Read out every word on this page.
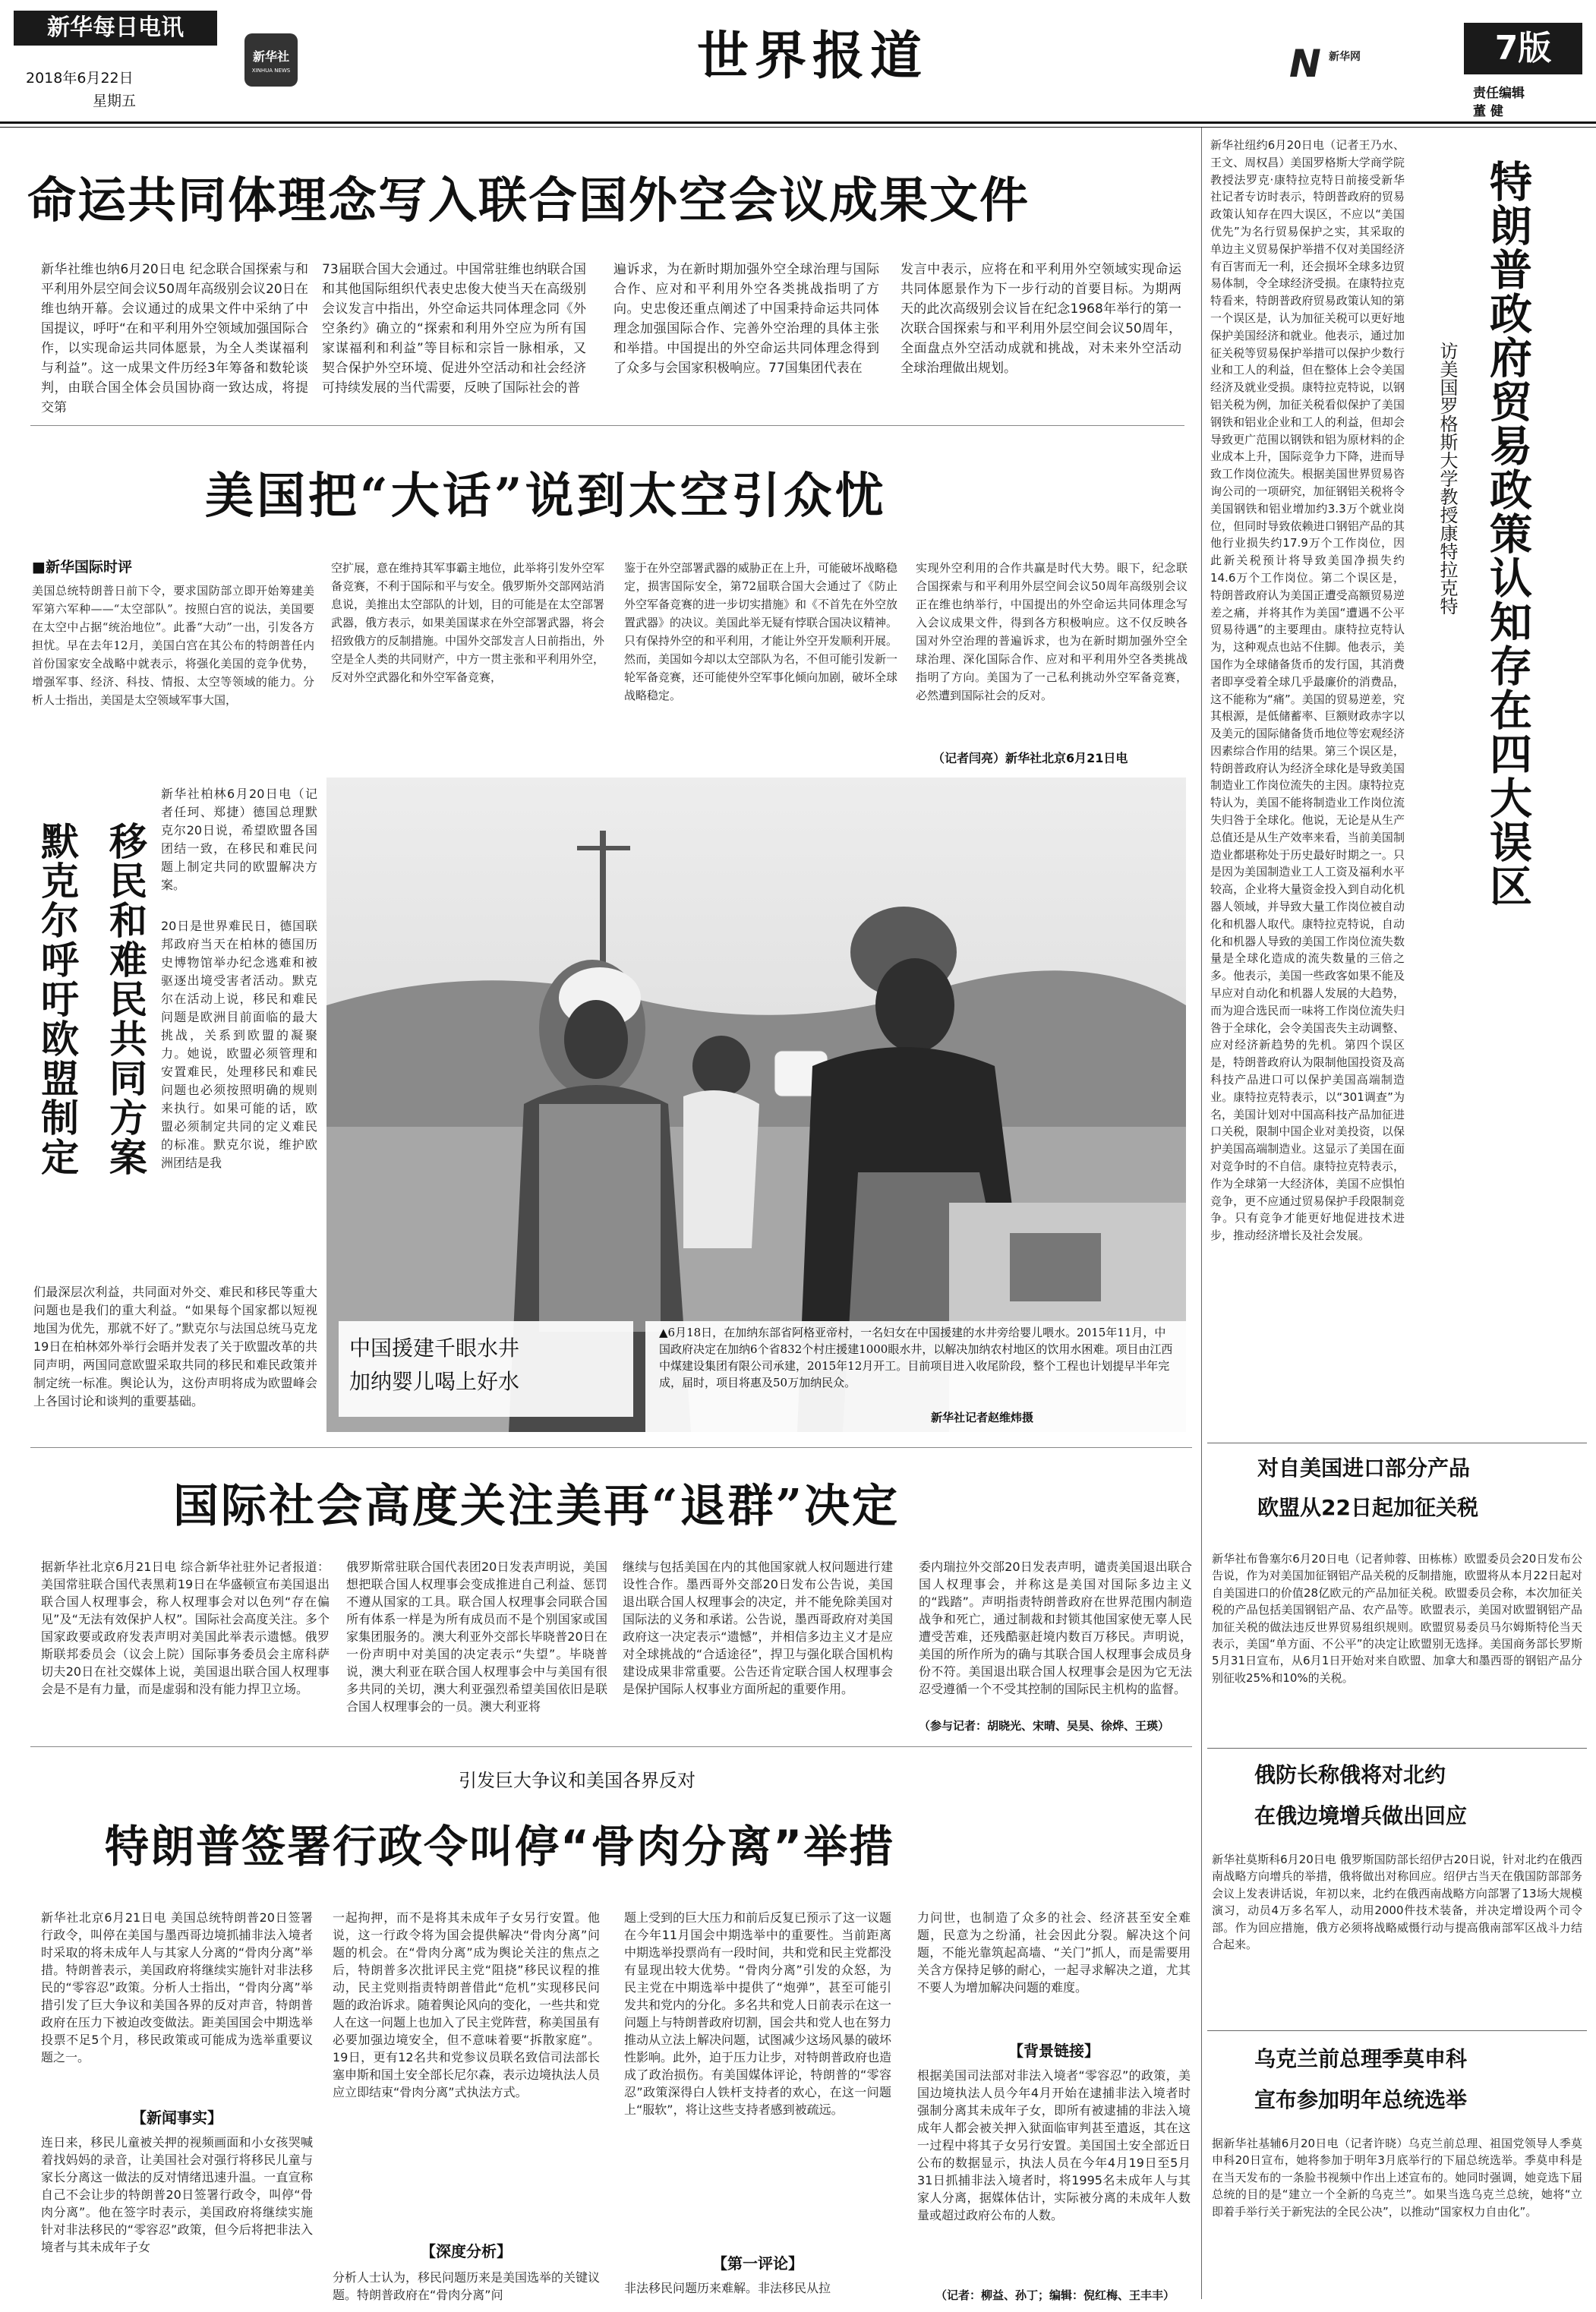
新华每日电讯
2018年6月22日
星期五
新华社
XINHUA NEWS	世界报道	N 新华网	7版
责任编辑
董 健
命运共同体理念写入联合国外空会议成果文件
新华社维也纳6月20日电 纪念联合国探索与和平利用外层空间会议50周年高级别会议20日在维也纳开幕。会议通过的成果文件中采纳了中国提议，呼吁“在和平利用外空领域加强国际合作，以实现命运共同体愿景，为全人类谋福利与利益”。这一成果文件历经3年筹备和数轮谈判，由联合国全体会员国协商一致达成，将提交第
73届联合国大会通过。中国常驻维也纳联合国和其他国际组织代表史忠俊大使当天在高级别会议发言中指出，外空命运共同体理念同《外空条约》确立的“探索和利用外空应为所有国家谋福利和利益”等目标和宗旨一脉相承，又契合保护外空环境、促进外空活动和社会经济可持续发展的当代需要，反映了国际社会的普
遍诉求，为在新时期加强外空全球治理与国际合作、应对和平利用外空各类挑战指明了方向。史忠俊还重点阐述了中国秉持命运共同体理念加强国际合作、完善外空治理的具体主张和举措。中国提出的外空命运共同体理念得到了众多与会国家积极响应。77国集团代表在
发言中表示，应将在和平利用外空领域实现命运共同体愿景作为下一步行动的首要目标。为期两天的此次高级别会议旨在纪念1968年举行的第一次联合国探索与和平利用外层空间会议50周年，全面盘点外空活动成就和挑战，对未来外空活动全球治理做出规划。
美国把“大话”说到太空引众忧
■新华国际时评
美国总统特朗普日前下令，要求国防部立即开始筹建美军第六军种——“太空部队”。按照白宫的说法，美国要在太空中占据“统治地位”。此番“大动”一出，引发各方担忧。早在去年12月，美国白宫在其公布的特朗普任内首份国家安全战略中就表示，将强化美国的竞争优势，增强军事、经济、科技、情报、太空等领域的能力。分析人士指出，美国是太空领域军事大国，
空扩展，意在维持其军事霸主地位，此举将引发外空军备竞赛，不利于国际和平与安全。俄罗斯外交部网站消息说，美推出太空部队的计划，目的可能是在太空部署武器，俄方表示，如果美国谋求在外空部署武器，将会招致俄方的反制措施。中国外交部发言人日前指出，外空是全人类的共同财产，中方一贯主张和平利用外空，反对外空武器化和外空军备竞赛，
鉴于在外空部署武器的威胁正在上升，可能破坏战略稳定，损害国际安全，第72届联合国大会通过了《防止外空军备竞赛的进一步切实措施》和《不首先在外空放置武器》的决议。美国此举无疑有悖联合国决议精神。只有保持外空的和平利用，才能让外空开发顺利开展。然而，美国如今却以太空部队为名，不但可能引发新一轮军备竞赛，还可能使外空军事化倾向加剧，破坏全球战略稳定。
实现外空利用的合作共赢是时代大势。眼下，纪念联合国探索与和平利用外层空间会议50周年高级别会议正在维也纳举行，中国提出的外空命运共同体理念写入会议成果文件，得到各方积极响应。这不仅反映各国对外空治理的普遍诉求，也为在新时期加强外空全球治理、深化国际合作、应对和平利用外空各类挑战指明了方向。美国为了一己私利挑动外空军备竞赛，必然遭到国际社会的反对。
（记者闫亮）新华社北京6月21日电
移民和难民共同方案
默克尔呼吁欧盟制定
新华社柏林6月20日电（记者任珂、郑捷）德国总理默克尔20日说，希望欧盟各国团结一致，在移民和难民问题上制定共同的欧盟解决方案。
20日是世界难民日，德国联邦政府当天在柏林的德国历史博物馆举办纪念逃难和被驱逐出境受害者活动。默克尔在活动上说，移民和难民问题是欧洲目前面临的最大挑战，关系到欧盟的凝聚力。她说，欧盟必须管理和安置难民，处理移民和难民问题也必须按照明确的规则来执行。如果可能的话，欧盟必须制定共同的定义难民的标准。默克尔说，维护欧洲团结是我
们最深层次利益，共同面对外交、难民和移民等重大问题也是我们的重大利益。“如果每个国家都以短视地国为优先，那就不好了。”默克尔与法国总统马克龙19日在柏林郊外举行会晤并发表了关于欧盟改革的共同声明，两国同意欧盟采取共同的移民和难民政策并制定统一标准。舆论认为，这份声明将成为欧盟峰会上各国讨论和谈判的重要基础。
中国援建千眼水井
加纳婴儿喝上好水
▲6月18日，在加纳东部省阿格亚帝村，一名妇女在中国援建的水井旁给婴儿喂水。2015年11月，中国政府决定在加纳6个省832个村庄援建1000眼水井，以解决加纳农村地区的饮用水困难。项目由江西中煤建设集团有限公司承建，2015年12月开工。目前项目进入收尾阶段，整个工程也计划提早半年完成，届时，项目将惠及50万加纳民众。
新华社记者赵维炜摄
新华社纽约6月20日电（记者王乃水、王文、周权昌）美国罗格斯大学商学院教授法罗克·康特拉克特日前接受新华社记者专访时表示，特朗普政府的贸易政策认知存在四大误区，不应以“美国优先”为名行贸易保护之实，其采取的单边主义贸易保护举措不仅对美国经济有百害而无一利，还会损坏全球多边贸易体制，令全球经济受损。在康特拉克特看来，特朗普政府贸易政策认知的第一个误区是，认为加征关税可以更好地保护美国经济和就业。他表示，通过加征关税等贸易保护举措可以保护少数行业和工人的利益，但在整体上会令美国经济及就业受损。康特拉克特说，以钢铝关税为例，加征关税看似保护了美国钢铁和铝业企业和工人的利益，但却会导致更广范围以钢铁和铝为原材料的企业成本上升，国际竞争力下降，进而导致工作岗位流失。根据美国世界贸易咨询公司的一项研究，加征钢铝关税将令美国钢铁和铝业增加约3.3万个就业岗位，但同时导致依赖进口钢铝产品的其他行业损失约17.9万个工作岗位，因此新关税预计将导致美国净损失约14.6万个工作岗位。第二个误区是，特朗普政府认为美国正遭受高额贸易逆差之痛，并将其作为美国“遭遇不公平贸易待遇”的主要理由。康特拉克特认为，这种观点也站不住脚。他表示，美国作为全球储备货币的发行国，其消费者即享受着全球几乎最廉价的消费品，这不能称为“痛”。美国的贸易逆差，究其根源，是低储蓄率、巨额财政赤字以及美元的国际储备货币地位等宏观经济因素综合作用的结果。第三个误区是，特朗普政府认为经济全球化是导致美国制造业工作岗位流失的主因。康特拉克特认为，美国不能将制造业工作岗位流失归咎于全球化。他说，无论是从生产总值还是从生产效率来看，当前美国制造业都堪称处于历史最好时期之一。只是因为美国制造业工人工资及福利水平较高，企业将大量资金投入到自动化机器人领域，并导致大量工作岗位被自动化和机器人取代。康特拉克特说，自动化和机器人导致的美国工作岗位流失数量是全球化造成的流失数量的三倍之多。他表示，美国一些政客如果不能及早应对自动化和机器人发展的大趋势，而为迎合选民而一味将工作岗位流失归咎于全球化，会令美国丧失主动调整、应对经济新趋势的先机。第四个误区是，特朗普政府认为限制他国投资及高科技产品进口可以保护美国高端制造业。康特拉克特表示，以“301调查”为名，美国计划对中国高科技产品加征进口关税，限制中国企业对美投资，以保护美国高端制造业。这显示了美国在面对竞争时的不自信。康特拉克特表示，作为全球第一大经济体，美国不应惧怕竞争，更不应通过贸易保护手段限制竞争。只有竞争才能更好地促进技术进步，推动经济增长及社会发展。
特朗普政府贸易政策认知存在四大误区
访美国罗格斯大学教授康特拉克特
对自美国进口部分产品
欧盟从22日起加征关税
新华社布鲁塞尔6月20日电（记者帅蓉、田栋栋）欧盟委员会20日发布公告说，作为对美国加征钢铝产品关税的反制措施，欧盟将从本月22日起对自美国进口的价值28亿欧元的产品加征关税。欧盟委员会称，本次加征关税的产品包括美国钢铝产品、农产品等。欧盟表示，美国对欧盟钢铝产品加征关税的做法违反世界贸易组织规则。欧盟贸易委员马尔姆斯特伦当天表示，美国“单方面、不公平”的决定让欧盟别无选择。美国商务部长罗斯5月31日宣布，从6月1日开始对来自欧盟、加拿大和墨西哥的钢铝产品分别征收25%和10%的关税。
俄防长称俄将对北约
在俄边境增兵做出回应
新华社莫斯科6月20日电 俄罗斯国防部长绍伊古20日说，针对北约在俄西南战略方向增兵的举措，俄将做出对称回应。绍伊古当天在俄国防部部务会议上发表讲话说，年初以来，北约在俄西南战略方向部署了13场大规模演习，动员4万多名军人，动用2000件技术装备，并决定增设两个司令部。作为回应措施，俄方必须将战略威慑行动与提高俄南部军区战斗力结合起来。
乌克兰前总理季莫申科
宣布参加明年总统选举
据新华社基辅6月20日电（记者许晓）乌克兰前总理、祖国党领导人季莫申科20日宣布，她将参加于明年3月底举行的下届总统选举。季莫申科是在当天发布的一条脸书视频中作出上述宣布的。她同时强调，她竞选下届总统的目的是“建立一个全新的乌克兰”。如果当选乌克兰总统，她将“立即着手举行关于新宪法的全民公决”，以推动“国家权力自由化”。
国际社会高度关注美再“退群”决定
据新华社北京6月21日电 综合新华社驻外记者报道：美国常驻联合国代表黑莉19日在华盛顿宣布美国退出联合国人权理事会，称人权理事会对以色列“存在偏见”及“无法有效保护人权”。国际社会高度关注。多个国家政要或政府发表声明对美国此举表示遗憾。俄罗斯联邦委员会（议会上院）国际事务委员会主席科萨切夫20日在社交媒体上说，美国退出联合国人权理事会是不是有力量，而是虚弱和没有能力捍卫立场。
俄罗斯常驻联合国代表团20日发表声明说，美国想把联合国人权理事会变成推进自己利益、惩罚不遵从国家的工具。联合国人权理事会同联合国所有体系一样是为所有成员而不是个别国家或国家集团服务的。澳大利亚外交部长毕晓普20日在一份声明中对美国的决定表示“失望”。毕晓普说，澳大利亚在联合国人权理事会中与美国有很多共同的关切，澳大利亚强烈希望美国依旧是联合国人权理事会的一员。澳大利亚将
继续与包括美国在内的其他国家就人权问题进行建设性合作。墨西哥外交部20日发布公告说，美国退出联合国人权理事会的决定，并不能免除美国对国际法的义务和承诺。公告说，墨西哥政府对美国政府这一决定表示“遗憾”，并相信多边主义才是应对全球挑战的“合适途径”，捍卫与强化联合国机构建设成果非常重要。公告还肯定联合国人权理事会是保护国际人权事业方面所起的重要作用。
委内瑞拉外交部20日发表声明，谴责美国退出联合国人权理事会，并称这是美国对国际多边主义的“践踏”。声明指责特朗普政府在世界范围内制造战争和死亡，通过制裁和封锁其他国家使无辜人民遭受苦难，还残酷驱赶境内数百万移民。声明说，美国的所作所为的确与其联合国人权理事会成员身份不符。美国退出联合国人权理事会是因为它无法忍受遵循一个不受其控制的国际民主机构的监督。
（参与记者：胡晓光、宋晴、吴昊、徐烨、王瑛）
引发巨大争议和美国各界反对
特朗普签署行政令叫停“骨肉分离”举措
新华社北京6月21日电 美国总统特朗普20日签署行政令，叫停在美国与墨西哥边境抓捕非法入境者时采取的将未成年人与其家人分离的“骨肉分离”举措。特朗普表示，美国政府将继续实施针对非法移民的“零容忍”政策。分析人士指出，“骨肉分离”举措引发了巨大争议和美国各界的反对声音，特朗普政府在压力下被迫改变做法。距美国国会中期选举投票不足5个月，移民政策或可能成为选举重要议题之一。
【新闻事实】
连日来，移民儿童被关押的视频画面和小女孩哭喊着找妈妈的录音，让美国社会对强行将移民儿童与家长分离这一做法的反对情绪迅速升温。一直宣称自己不会让步的特朗普20日签署行政令，叫停“骨肉分离”。他在签字时表示，美国政府将继续实施针对非法移民的“零容忍”政策，但今后将把非法入境者与其未成年子女
一起拘押，而不是将其未成年子女另行安置。他说，这一行政令将为国会提供解决“骨肉分离”问题的机会。在“骨肉分离”成为舆论关注的焦点之后，特朗普多次批评民主党“阻挠”移民议程的推动，民主党则指责特朗普借此“危机”实现移民问题的政治诉求。随着舆论风向的变化，一些共和党人在这一问题上也加入了民主党阵营，称美国虽有必要加强边境安全，但不意味着要“拆散家庭”。19日，更有12名共和党参议员联名致信司法部长塞申斯和国土安全部长尼尔森，表示边境执法人员应立即结束“骨肉分离”式执法方式。
【深度分析】
分析人士认为，移民问题历来是美国选举的关键议题。特朗普政府在“骨肉分离”问
题上受到的巨大压力和前后反复已预示了这一议题在今年11月国会中期选举中的重要性。当前距离中期选举投票尚有一段时间，共和党和民主党都没有显现出较大优势。“骨肉分离”引发的众怒，为民主党在中期选举中提供了“炮弹”，甚至可能引发共和党内的分化。多名共和党人日前表示在这一问题上与特朗普政府切割，国会共和党人也在努力推动从立法上解决问题，试图减少这场风暴的破坏性影响。此外，迫于压力让步，对特朗普政府也造成了政治损伤。有美国媒体评论，特朗普的“零容忍”政策深得白人铁杆支持者的欢心，在这一问题上“服软”，将让这些支持者感到被疏远。
【第一评论】
非法移民问题历来难解。非法移民从拉
力问世，也制造了众多的社会、经济甚至安全难题，民意为之纷涌，社会因此分裂。解决这个问题，不能光靠筑起高墙、“关门”抓人，而是需要用关含方保持足够的耐心，一起寻求解决之道，尤其不要人为增加解决问题的难度。
【背景链接】
根据美国司法部对非法入境者“零容忍”的政策，美国边境执法人员今年4月开始在逮捕非法入境者时强制分离其未成年子女，即所有被逮捕的非法入境成年人都会被关押入狱面临审判甚至遣返，其在这一过程中将其子女另行安置。美国国土安全部近日公布的数据显示，执法人员在今年4月19日至5月31日抓捕非法入境者时，将1995名未成年人与其家人分离，据媒体估计，实际被分离的未成年人数量或超过政府公布的人数。
（记者：柳益、孙丁；编辑：倪红梅、王丰丰）
